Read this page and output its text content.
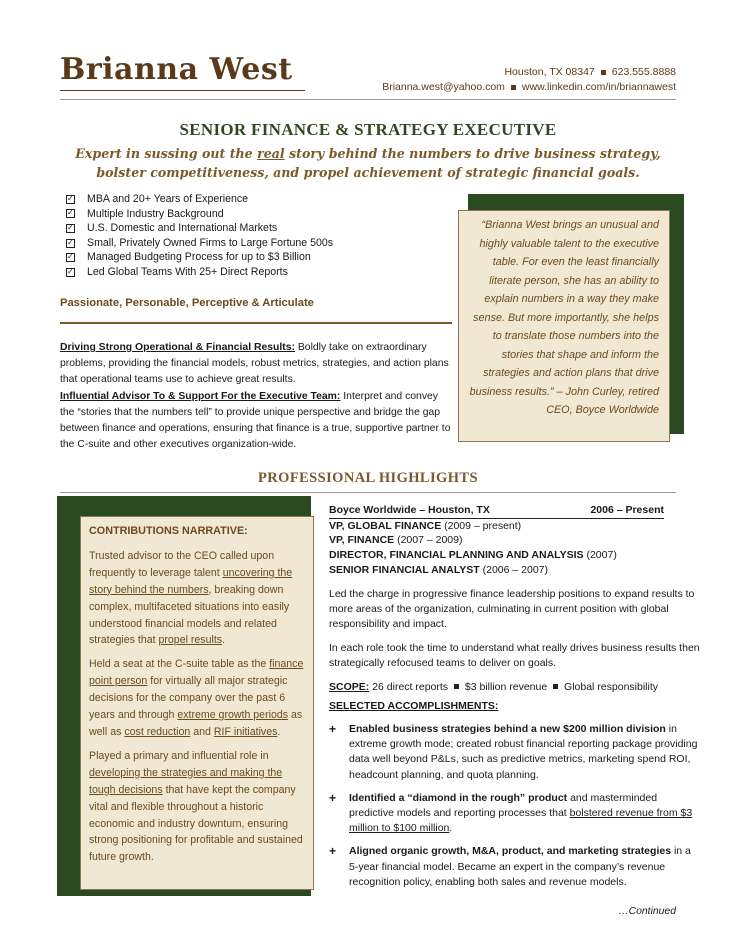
Brianna West	Houston, TX 08347 623.555.8888
Brianna.west@yahoo.com www.linkedin.com/in/briannawest
SENIOR FINANCE & STRATEGY EXECUTIVE
Expert in sussing out the real story behind the numbers to drive business strategy, bolster competitiveness, and propel achievement of strategic financial goals.
✓
MBA and 20+ Years of Experience
✓
Multiple Industry Background
✓
U.S. Domestic and International Markets
✓
Small, Privately Owned Firms to Large Fortune 500s
✓
Managed Budgeting Process for up to $3 Billion
✓
Led Global Teams With 25+ Direct Reports
Passionate, Personable, Perceptive & Articulate
Driving Strong Operational & Financial Results: Boldly take on extraordinary problems, providing the financial models, robust metrics, strategies, and action plans that operational teams use to achieve great results.
Influential Advisor To & Support For the Executive Team: Interpret and convey the “stories that the numbers tell” to provide unique perspective and bridge the gap between finance and operations, ensuring that finance is a true, supportive partner to the C-suite and other executives organization-wide.
“Brianna West brings an unusual and highly valuable talent to the executive table. For even the least financially literate person, she has an ability to explain numbers in a way they make sense. But more importantly, she helps to translate those numbers into the stories that shape and inform the strategies and action plans that drive business results.” – John Curley, retired CEO, Boyce Worldwide
PROFESSIONAL HIGHLIGHTS
CONTRIBUTIONS NARRATIVE:

Trusted advisor to the CEO called upon frequently to leverage talent uncovering the story behind the numbers, breaking down complex, multifaceted situations into easily understood financial models and related strategies that propel results.

Held a seat at the C-suite table as the finance point person for virtually all major strategic decisions for the company over the past 6 years and through extreme growth periods as well as cost reduction and RIF initiatives.

Played a primary and influential role in developing the strategies and making the tough decisions that have kept the company vital and flexible throughout a historic economic and industry downturn, ensuring strong positioning for profitable and sustained future growth.

Boyce Worldwide – Houston, TX	2006 – Present
VP, GLOBAL FINANCE (2009 – present)
VP, FINANCE (2007 – 2009)
DIRECTOR, FINANCIAL PLANNING AND ANALYSIS (2007)
SENIOR FINANCIAL ANALYST (2006 – 2007)

Led the charge in progressive finance leadership positions to expand results to more areas of the organization, culminating in current position with global responsibility and impact.

In each role took the time to understand what really drives business results then strategically refocused teams to deliver on goals.

SCOPE: 26 direct reports  $3 billion revenue  Global responsibility
SELECTED ACCOMPLISHMENTS:
+ Enabled business strategies behind a new $200 million division in extreme growth mode; created robust financial reporting package providing data well beyond P&Ls, such as predictive metrics, marketing spend ROI, headcount planning, and quota planning.
+ Identified a “diamond in the rough” product and masterminded predictive models and reporting processes that bolstered revenue from $3 million to $100 million.
+ Aligned organic growth, M&A, product, and marketing strategies in a 5-year financial model. Became an expert in the company’s revenue recognition policy, enabling both sales and revenue models.
…Continued
